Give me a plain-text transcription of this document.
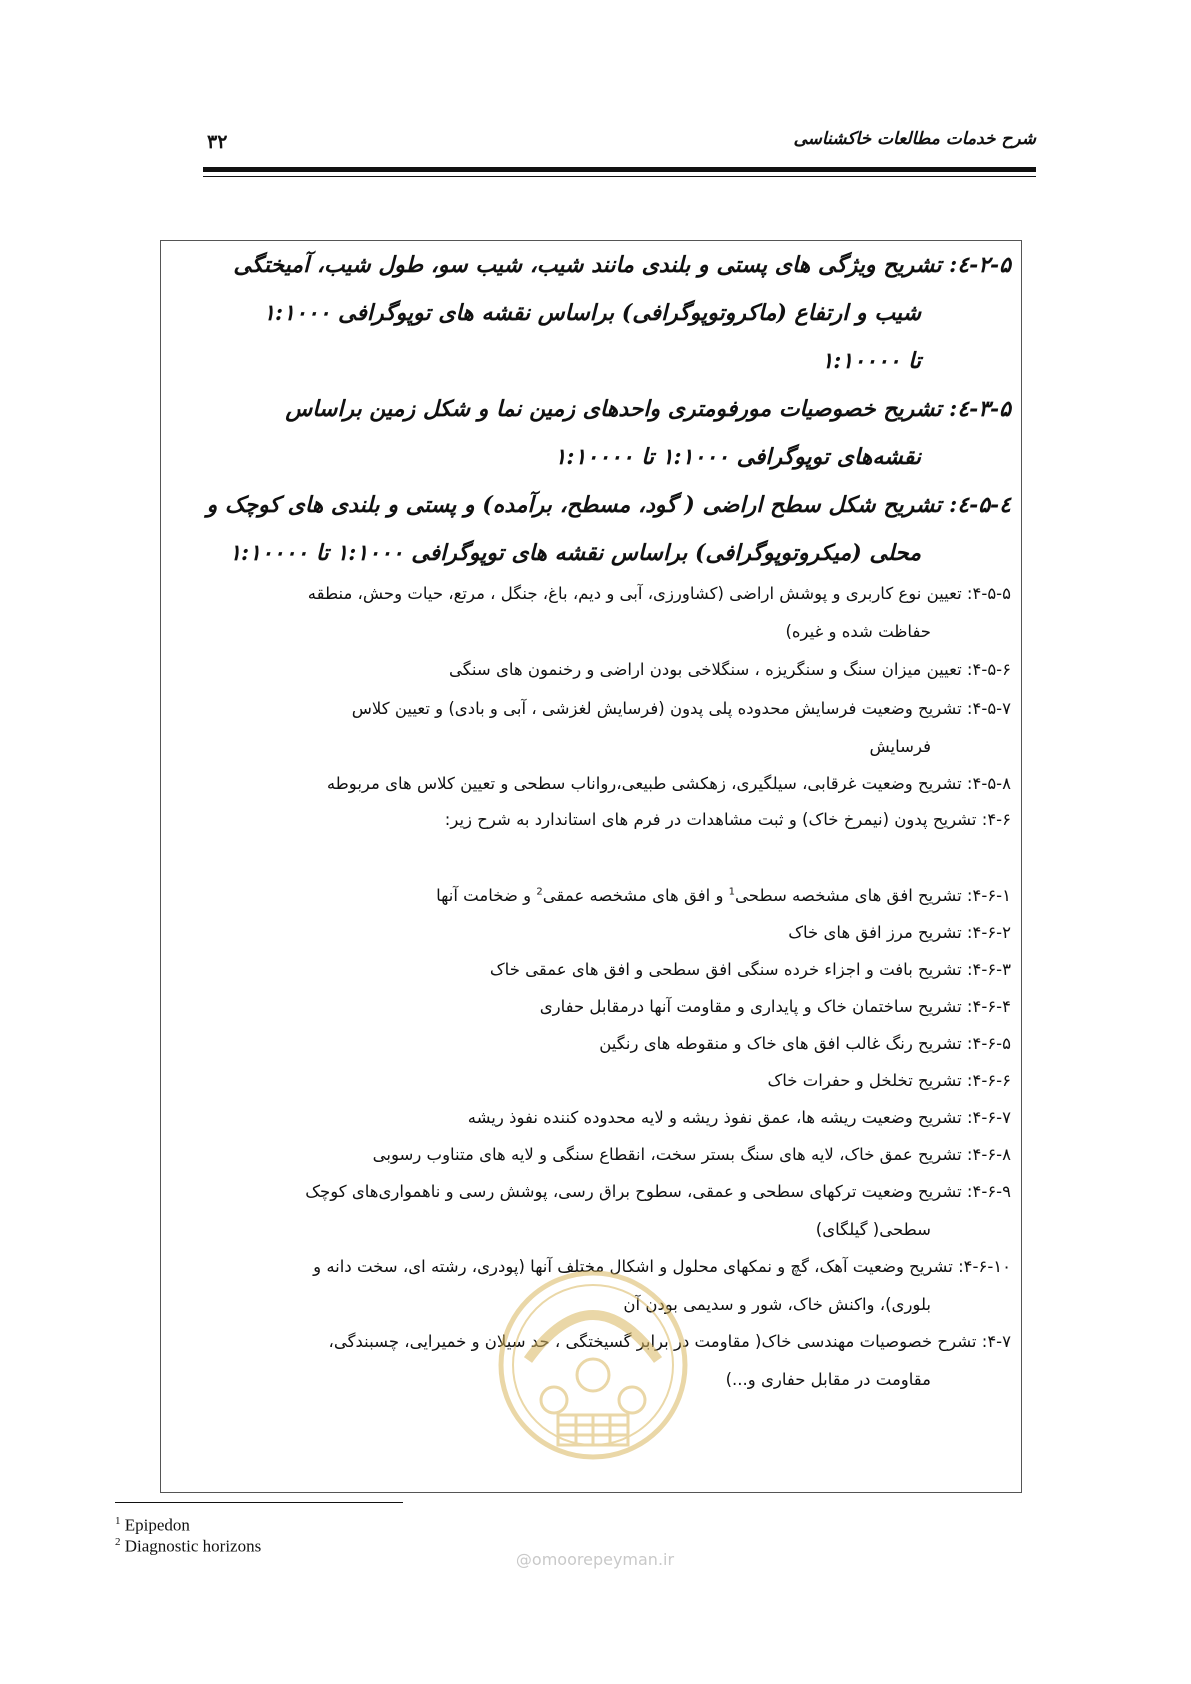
شرح خدمات مطالعات خاکشناسی
۳۲
۲-۵-٤: تشریح ویژگی های پستی و بلندی مانند شیب، شیب سو، طول شیب، آمیختگی
شیب و ارتفاع (ماکروتوپوگرافی) براساس نقشه های توپوگرافی ۱:۱۰۰۰
تا ۱:۱۰۰۰۰
۳-۵-٤: تشریح خصوصیات مورفومتری واحدهای زمین نما و شکل زمین براساس
نقشه‌های توپوگرافی ۱:۱۰۰۰ تا ۱:۱۰۰۰۰
٤-۵-٤: تشریح شکل سطح اراضی ( گود، مسطح، برآمده) و پستی و بلندی های کوچک و
محلی (میکروتوپوگرافی) براساس نقشه های توپوگرافی ۱:۱۰۰۰ تا ۱:۱۰۰۰۰
۴-۵-۵: تعیین نوع کاربری و پوشش اراضی (کشاورزی، آبی و دیم، باغ، جنگل ، مرتع، حیات وحش، منطقه
حفاظت شده و غیره)
۴-۵-۶: تعیین میزان سنگ و سنگریزه ، سنگلاخی بودن اراضی و رخنمون های سنگی
۴-۵-۷: تشریح وضعیت فرسایش محدوده پلی پدون (فرسایش لغزشی ، آبی و بادی) و تعیین کلاس
فرسایش
۴-۵-۸: تشریح وضعیت غرقابی، سیلگیری، زهکشی طبیعی،رواناب سطحی و تعیین کلاس های مربوطه
۴-۶: تشریح پدون (نیمرخ خاک) و ثبت مشاهدات در فرم های استاندارد به شرح زیر:
۴-۶-۱: تشریح افق های مشخصه سطحی$^1$ و افق های مشخصه عمقی$^2$ و ضخامت آنها
۴-۶-۲: تشریح مرز افق های خاک
۴-۶-۳: تشریح بافت و اجزاء خرده سنگی افق سطحی و افق های عمقی خاک
۴-۶-۴: تشریح ساختمان خاک و پایداری و مقاومت آنها درمقابل حفاری
۴-۶-۵: تشریح رنگ غالب افق های خاک و منقوطه های رنگین
۴-۶-۶: تشریح تخلخل و حفرات خاک
۴-۶-۷: تشریح وضعیت ریشه ها، عمق نفوذ ریشه و لایه محدوده کننده نفوذ ریشه
۴-۶-۸: تشریح عمق خاک، لایه های سنگ بستر سخت، انقطاع سنگی و لایه های متناوب رسوبی
۴-۶-۹: تشریح وضعیت ترکهای سطحی و عمقی، سطوح براق رسی، پوشش رسی و ناهمواری‌های کوچک
سطحی( گیلگای)
۴-۶-۱۰: تشریح وضعیت آهک، گچ و نمکهای محلول و اشکال مختلف آنها (پودری، رشته ای، سخت دانه و
بلوری)، واکنش خاک، شور و سدیمی بودن آن
۴-۷: تشرح خصوصیات مهندسی خاک( مقاومت در برابر گسیختگی ، حد سیلان و خمیرایی، چسبندگی،
مقاومت در مقابل حفاری و...)
@omoorepeyman.ir
$^1$ Epipedon
$^2$ Diagnostic horizons
